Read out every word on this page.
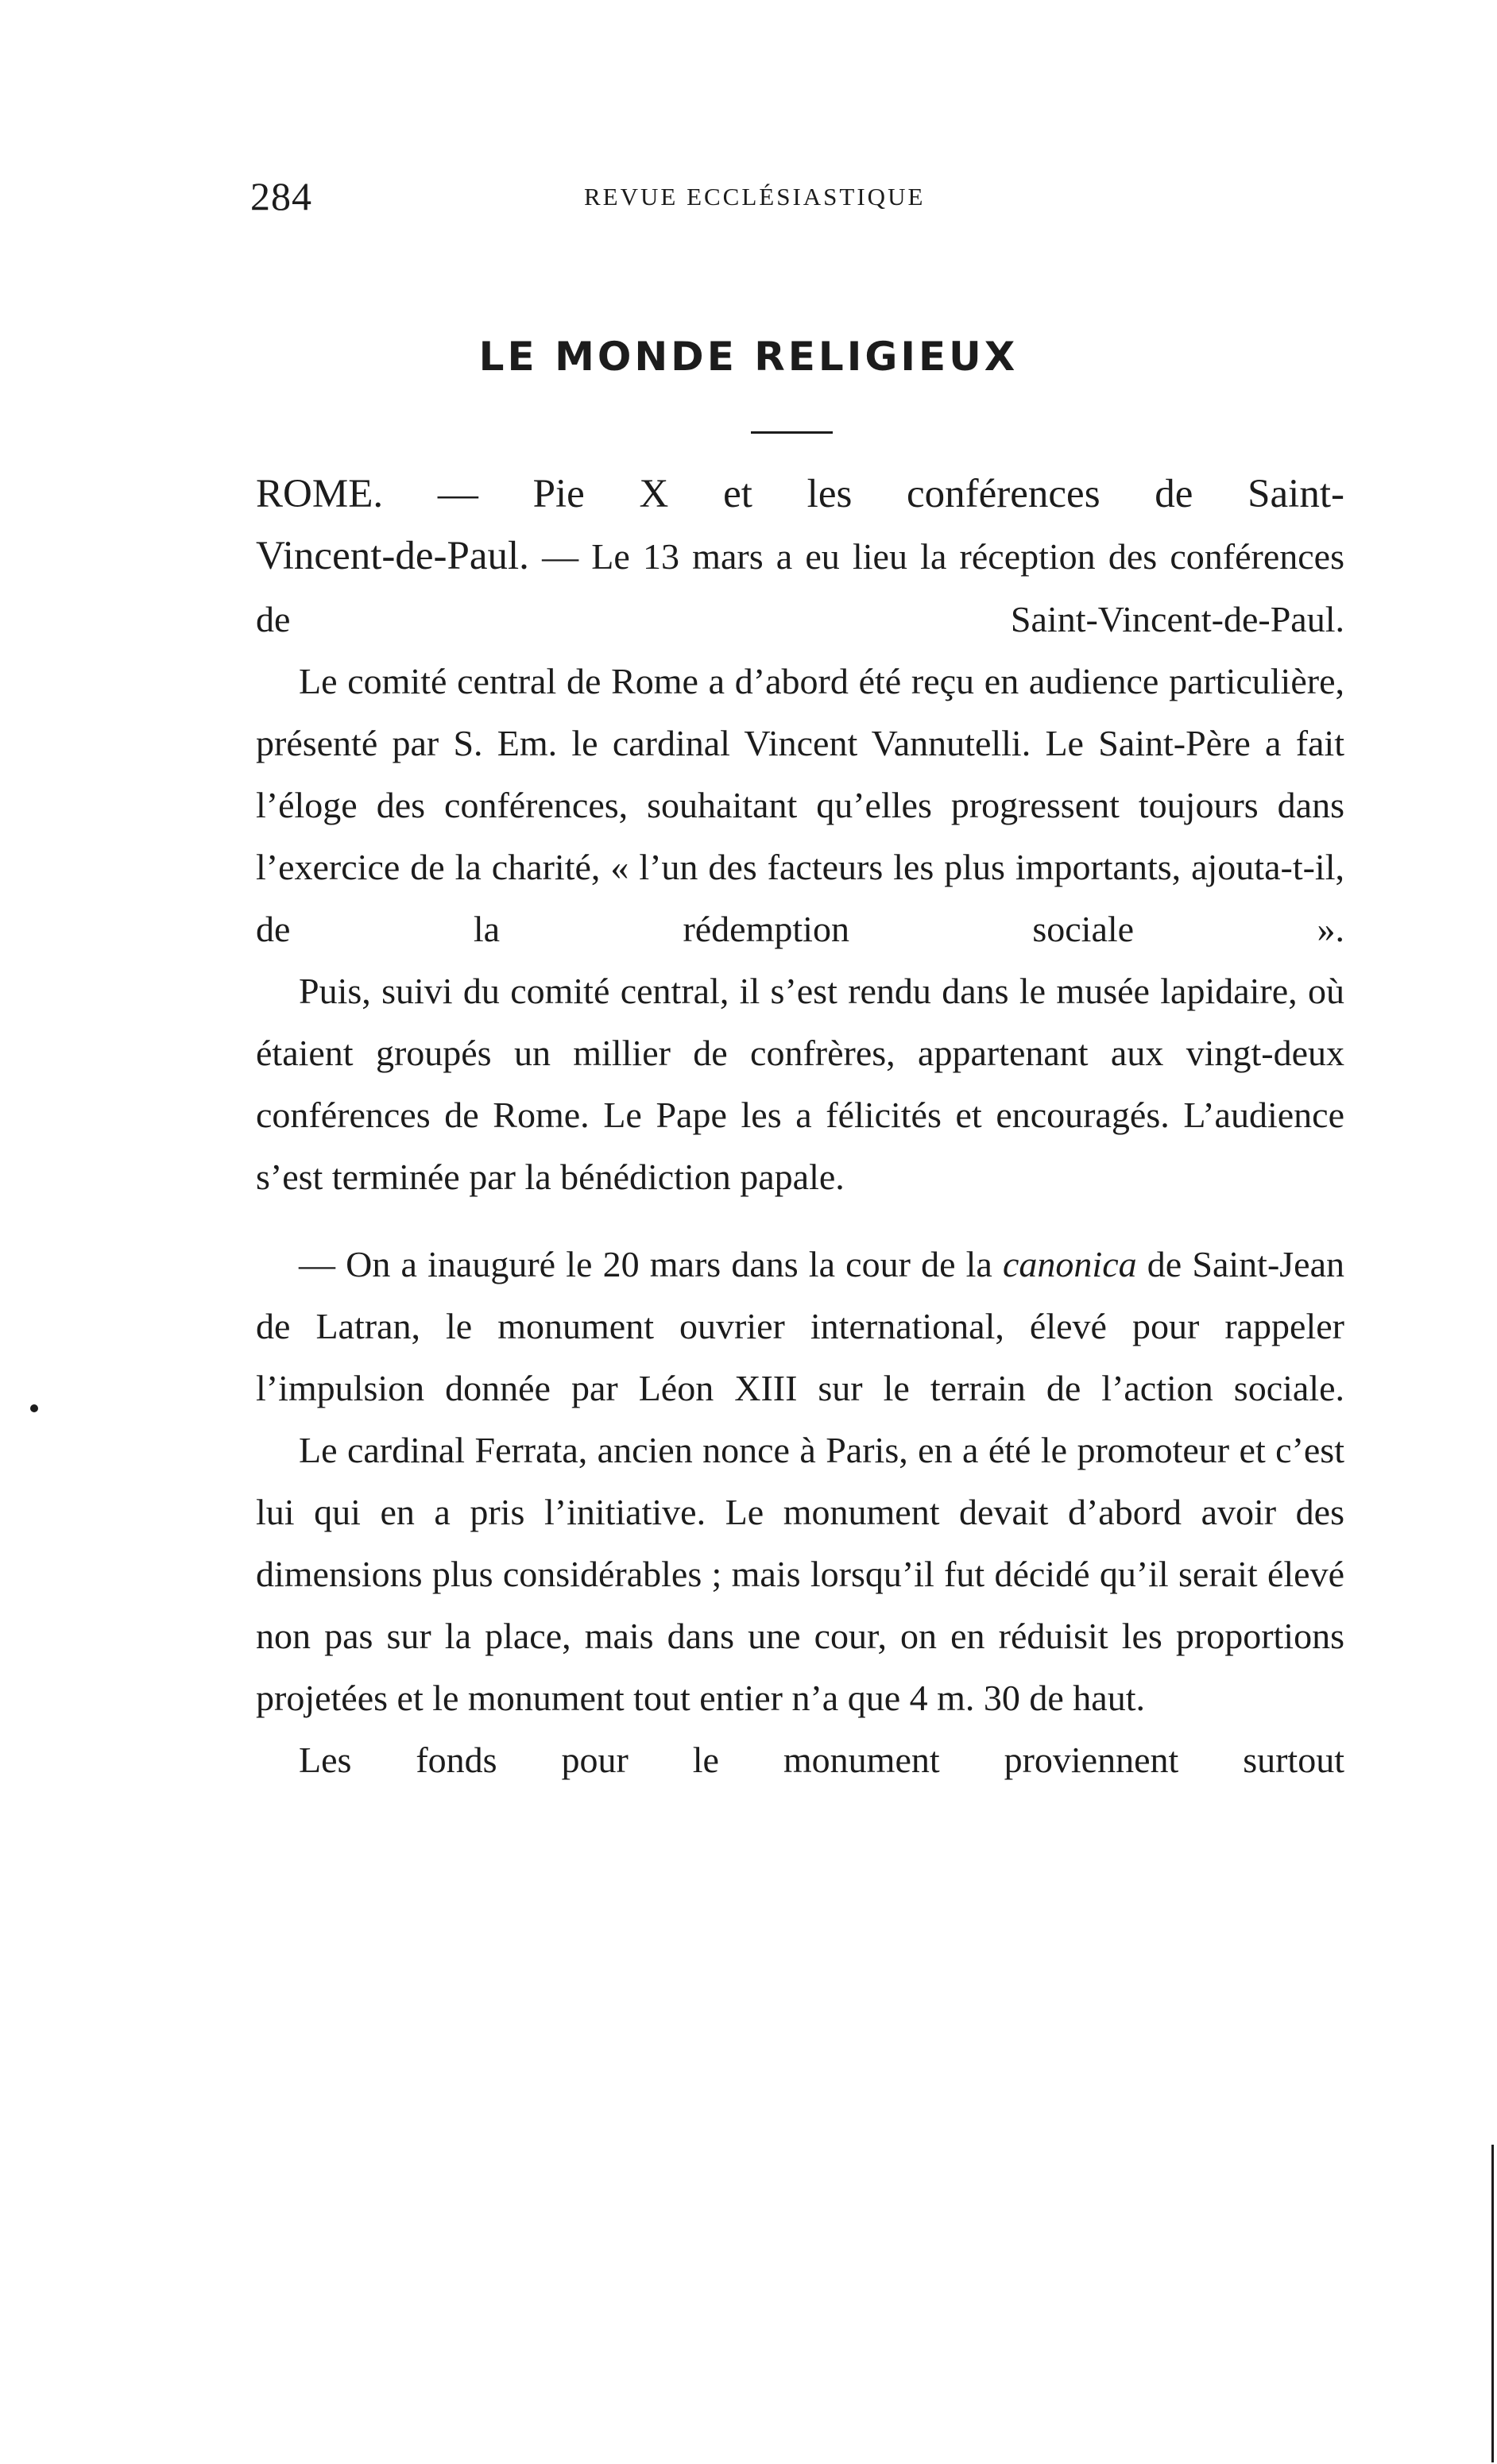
284	REVUE ECCLÉSIASTIQUE
LE MONDE RELIGIEUX

ROME. — Pie X et les conférences de Saint-
Vincent-de-Paul. — Le 13 mars a eu lieu la réception des conférences de Saint-Vincent-de-Paul.

Le comité central de Rome a d’abord été reçu en audience particulière, présenté par S. Em. le cardinal Vincent Vannutelli. Le Saint-Père a fait l’éloge des conférences, souhaitant qu’elles progressent toujours dans l’exercice de la charité, « l’un des facteurs les plus importants, ajouta-t-il, de la rédemption sociale ».

Puis, suivi du comité central, il s’est rendu dans le musée lapidaire, où étaient groupés un millier de confrères, appartenant aux vingt-deux conférences de Rome. Le Pape les a félicités et encouragés. L’audience s’est terminée par la bénédiction papale.

— On a inauguré le 20 mars dans la cour de la canonica de Saint-Jean de Latran, le monument ouvrier international, élevé pour rappeler l’impulsion donnée par Léon XIII sur le terrain de l’action sociale.

Le cardinal Ferrata, ancien nonce à Paris, en a été le promoteur et c’est lui qui en a pris l’initiative. Le monument devait d’abord avoir des dimensions plus considérables ; mais lorsqu’il fut décidé qu’il serait élevé non pas sur la place, mais dans une cour, on en réduisit les proportions projetées et le monument tout entier n’a que 4 m. 30 de haut.

Les fonds pour le monument proviennent surtout
